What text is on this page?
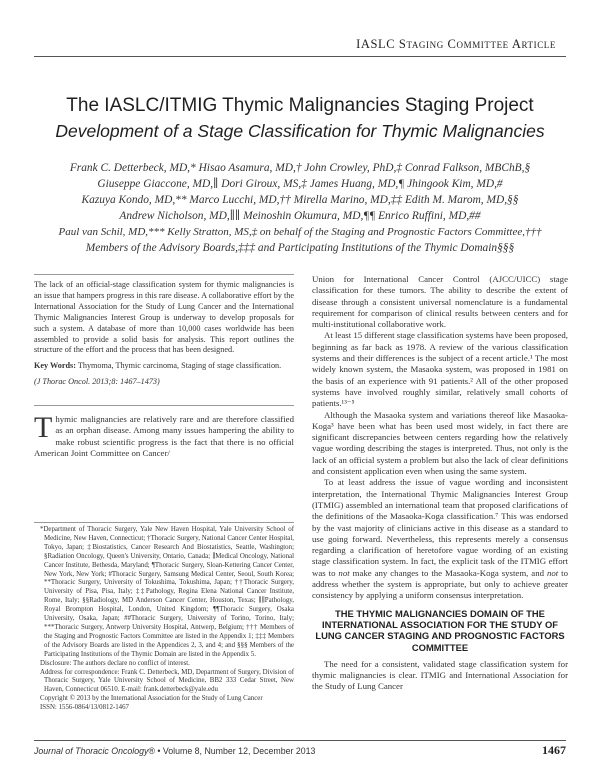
IASLC Staging Committee Article
The IASLC/ITMIG Thymic Malignancies Staging Project
Development of a Stage Classification for Thymic Malignancies
Frank C. Detterbeck, MD,* Hisao Asamura, MD,† John Crowley, PhD,‡ Conrad Falkson, MBChB,§
Giuseppe Giaccone, MD,∥ Dori Giroux, MS,‡ James Huang, MD,¶ Jhingook Kim, MD,#
Kazuya Kondo, MD,** Marco Lucchi, MD,†† Mirella Marino, MD,‡‡ Edith M. Marom, MD,§§
Andrew Nicholson, MD,∥∥ Meinoshin Okumura, MD,¶¶ Enrico Ruffini, MD,##
Paul van Schil, MD,*** Kelly Stratton, MS,‡ on behalf of the Staging and Prognostic Factors Committee,†††
Members of the Advisory Boards,‡‡‡ and Participating Institutions of the Thymic Domain§§§

The lack of an official-stage classification system for thymic malignancies is an issue that hampers progress in this rare disease. A collaborative effort by the International Association for the Study of Lung Cancer and the International Thymic Malignancies Interest Group is underway to develop proposals for such a system. A database of more than 10,000 cases worldwide has been assembled to provide a solid basis for analysis. This report outlines the structure of the effort and the process that has been designed.

Key Words: Thymoma, Thymic carcinoma, Staging of stage classification.

(J Thorac Oncol. 2013;8: 1467–1473)

Thymic malignancies are relatively rare and are therefore classified as an orphan disease. Among many issues hampering the ability to make robust scientific progress is the fact that there is no official American Joint Committee on Cancer/

*Department of Thoracic Surgery, Yale New Haven Hospital, Yale University School of Medicine, New Haven, Connecticut; †Thoracic Surgery, National Cancer Center Hospital, Tokyo, Japan; ‡Biostatistics, Cancer Research And Biostatistics, Seattle, Washington; §Radiation Oncology, Queen's University, Ontario, Canada; ∥Medical Oncology, National Cancer Institute, Bethesda, Maryland; ¶Thoracic Surgery, Sloan-Kettering Cancer Center, New York, New York; #Thoracic Surgery, Samsung Medical Center, Seoul, South Korea; **Thoracic Surgery, University of Tokushima, Tokushima, Japan; ††Thoracic Surgery, University of Pisa, Pisa, Italy; ‡‡Pathology, Regina Elena National Cancer Institute, Rome, Italy; §§Radiology, MD Anderson Cancer Center, Houston, Texas; ∥∥Pathology, Royal Brompton Hospital, London, United Kingdom; ¶¶Thoracic Surgery, Osaka University, Osaka, Japan; ##Thoracic Surgery, University of Torino, Torino, Italy; ***Thoracic Surgery, Antwerp University Hospital, Antwerp, Belgium; ††† Members of the Staging and Prognostic Factors Committee are listed in the Appendix 1; ‡‡‡ Members of the Advisory Boards are listed in the Appendices 2, 3, and 4; and §§§ Members of the Participating Institutions of the Thymic Domain are listed in the Appendix 5.

Disclosure: The authors declare no conflict of interest.

Address for correspondence: Frank C. Detterbeck, MD, Department of Surgery, Division of Thoracic Surgery, Yale University School of Medicine, BB2 333 Cedar Street, New Haven, Connecticut 06510. E-mail: frank.detterbeck@yale.edu

Copyright © 2013 by the International Association for the Study of Lung Cancer

ISSN: 1556-0864/13/0812-1467

Union for International Cancer Control (AJCC/UICC) stage classification for these tumors. The ability to describe the extent of disease through a consistent universal nomenclature is a fundamental requirement for comparison of clinical results between centers and for multi-institutional collaborative work.

At least 15 different stage classification systems have been proposed, beginning as far back as 1978. A review of the various classification systems and their differences is the subject of a recent article.¹ The most widely known system, the Masaoka system, was proposed in 1981 on the basis of an experience with 91 patients.² All of the other proposed systems have involved roughly similar, relatively small cohorts of patients.¹³⁻⁵

Although the Masaoka system and variations thereof like Masaoka-Koga³ have been what has been used most widely, in fact there are significant discrepancies between centers regarding how the relatively vague wording describing the stages is interpreted. Thus, not only is the lack of an official system a problem but also the lack of clear definitions and consistent application even when using the same system.

To at least address the issue of vague wording and inconsistent interpretation, the International Thymic Malignancies Interest Group (ITMIG) assembled an international team that proposed clarifications of the definitions of the Masaoka-Koga classification.⁷ This was endorsed by the vast majority of clinicians active in this disease as a standard to use going forward. Nevertheless, this represents merely a consensus regarding a clarification of heretofore vague wording of an existing stage classification system. In fact, the explicit task of the ITMIG effort was to not make any changes to the Masaoka-Koga system, and not to address whether the system is appropriate, but only to achieve greater consistency by applying a uniform consensus interpretation.

THE THYMIC MALIGNANCIES DOMAIN OF THE INTERNATIONAL ASSOCIATION FOR THE STUDY OF LUNG CANCER STAGING AND PROGNOSTIC FACTORS COMMITTEE

The need for a consistent, validated stage classification system for thymic malignancies is clear. ITMIG and International Association for the Study of Lung Cancer

Journal of Thoracic Oncology® • Volume 8, Number 12, December 2013	1467
